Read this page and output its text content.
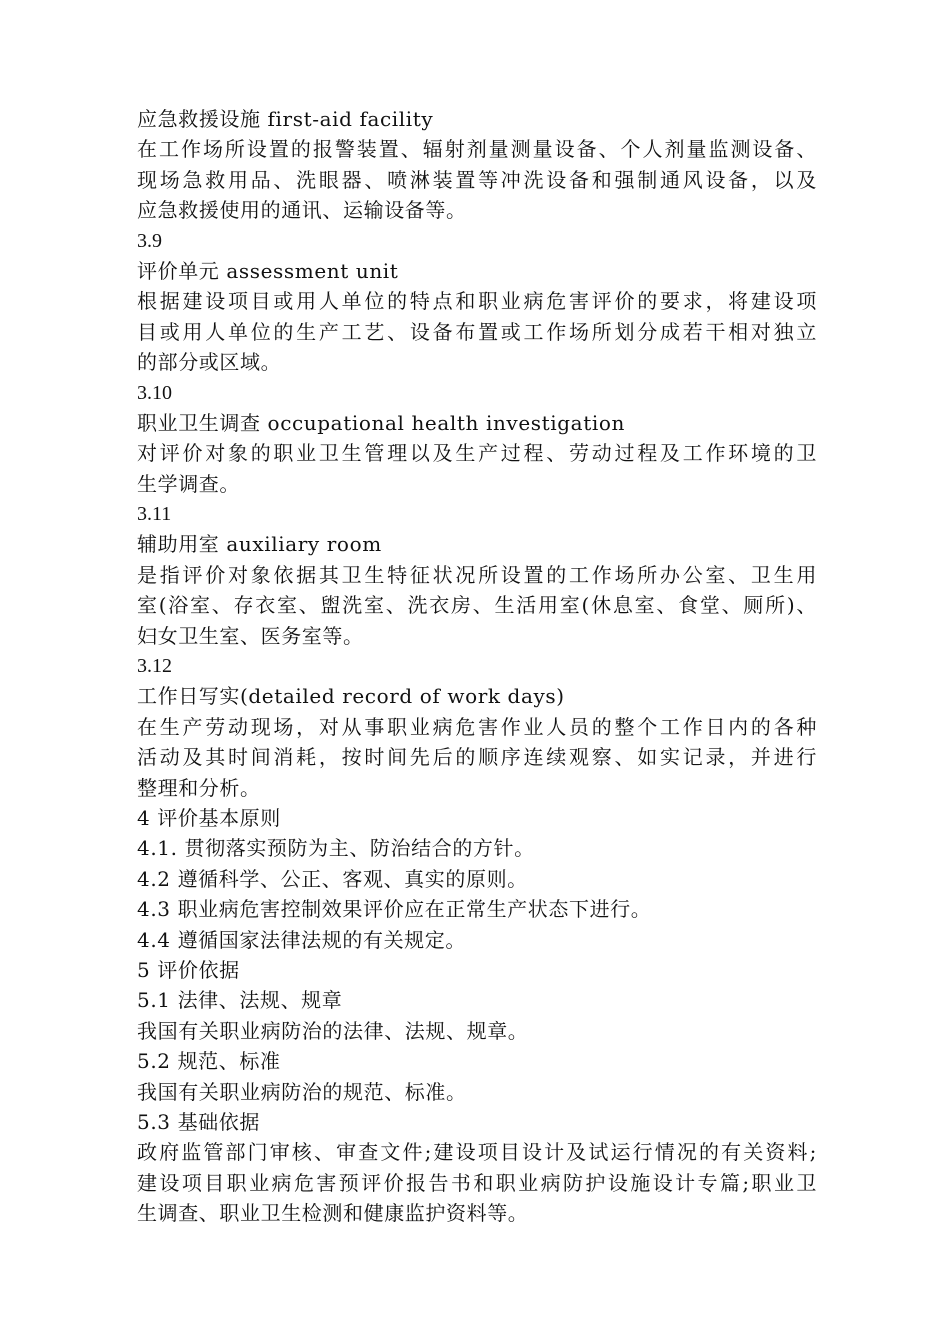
应急救援设施 first-aid facility
在工作场所设置的报警装置、辐射剂量测量设备、个人剂量监测设备、
现场急救用品、洗眼器、喷淋装置等冲洗设备和强制通风设备，以及
应急救援使用的通讯、运输设备等。
3.9
评价单元 assessment unit
根据建设项目或用人单位的特点和职业病危害评价的要求，将建设项
目或用人单位的生产工艺、设备布置或工作场所划分成若干相对独立
的部分或区域。
3.10
职业卫生调查 occupational health investigation
对评价对象的职业卫生管理以及生产过程、劳动过程及工作环境的卫
生学调查。
3.11
辅助用室 auxiliary room
是指评价对象依据其卫生特征状况所设置的工作场所办公室、卫生用
室(浴室、存衣室、盥洗室、洗衣房、生活用室(休息室、食堂、厕所)、
妇女卫生室、医务室等。
3.12
工作日写实(detailed record of work days)
在生产劳动现场，对从事职业病危害作业人员的整个工作日内的各种
活动及其时间消耗，按时间先后的顺序连续观察、如实记录，并进行
整理和分析。
4 评价基本原则
4.1. 贯彻落实预防为主、防治结合的方针。
4.2 遵循科学、公正、客观、真实的原则。
4.3 职业病危害控制效果评价应在正常生产状态下进行。
4.4 遵循国家法律法规的有关规定。
5 评价依据
5.1 法律、法规、规章
我国有关职业病防治的法律、法规、规章。
5.2 规范、标准
我国有关职业病防治的规范、标准。
5.3 基础依据
政府监管部门审核、审查文件;建设项目设计及试运行情况的有关资料;
建设项目职业病危害预评价报告书和职业病防护设施设计专篇;职业卫
生调查、职业卫生检测和健康监护资料等。
